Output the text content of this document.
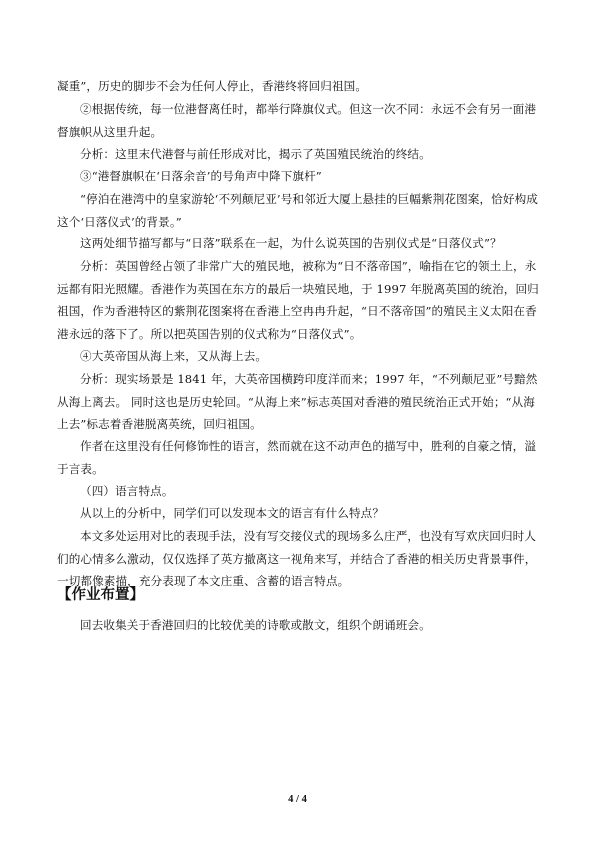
凝重”，历史的脚步不会为任何人停止，香港终将回归祖国。

②根据传统，每一位港督离任时，都举行降旗仪式。但这一次不同：永远不会有另一面港督旗帜从这里升起。

分析：这里末代港督与前任形成对比，揭示了英国殖民统治的终结。

③“港督旗帜在‘日落余音’的号角声中降下旗杆”

“停泊在港湾中的皇家游轮‘不列颠尼亚’号和邻近大厦上悬挂的巨幅紫荆花图案，恰好构成这个‘日落仪式’的背景。”

这两处细节描写都与“日落”联系在一起，为什么说英国的告别仪式是“日落仪式”？

分析：英国曾经占领了非常广大的殖民地，被称为“日不落帝国”，喻指在它的领土上，永远都有阳光照耀。香港作为英国在东方的最后一块殖民地，于 1997 年脱离英国的统治，回归祖国，作为香港特区的紫荆花图案将在香港上空冉冉升起，“日不落帝国”的殖民主义太阳在香港永远的落下了。所以把英国告别的仪式称为“日落仪式”。

④大英帝国从海上来，又从海上去。

分析：现实场景是 1841 年，大英帝国横跨印度洋而来；1997 年，“不列颠尼亚”号黯然从海上离去。 同时这也是历史轮回。“从海上来”标志英国对香港的殖民统治正式开始；“从海上去”标志着香港脱离英统，回归祖国。

作者在这里没有任何修饰性的语言，然而就在这不动声色的描写中，胜利的自豪之情，溢于言表。

（四）语言特点。

从以上的分析中，同学们可以发现本文的语言有什么特点？

本文多处运用对比的表现手法，没有写交接仪式的现场多么庄严，也没有写欢庆回归时人们的心情多么激动，仅仅选择了英方撤离这一视角来写，并结合了香港的相关历史背景事件，一切都像素描，充分表现了本文庄重、含蓄的语言特点。

【作业布置】

回去收集关于香港回归的比较优美的诗歌或散文，组织个朗诵班会。

4 / 4
